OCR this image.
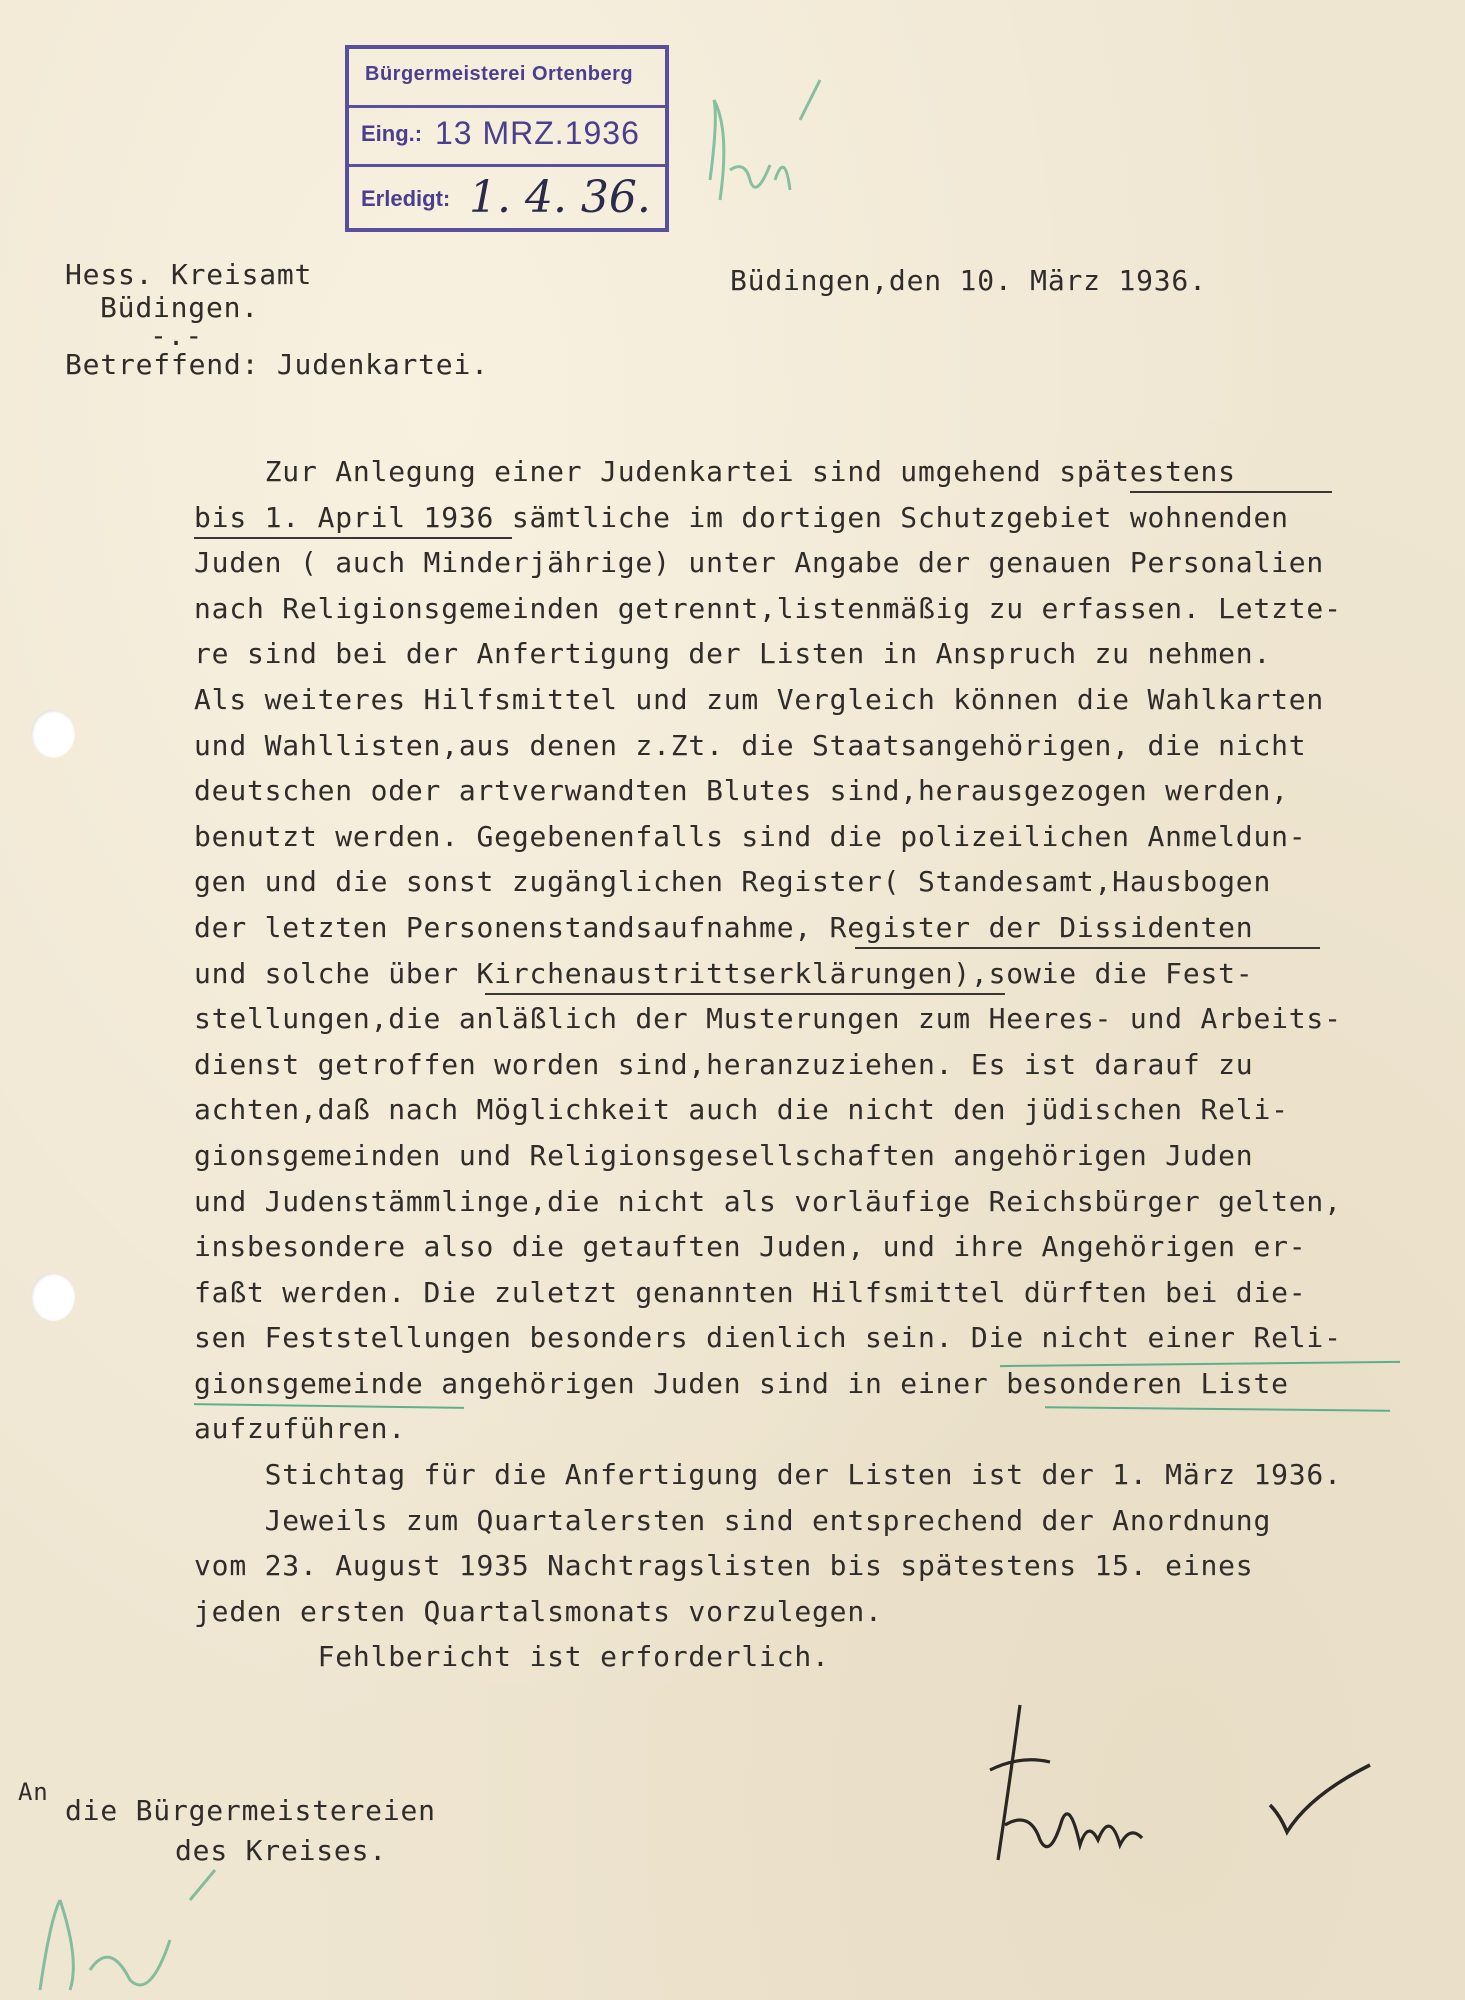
Bürgermeisterei Ortenberg
Eing.: 13 MRZ.1936
Erledigt: 1. 4. 36.
Hess. Kreisamt
Büdingen.
-.-
Büdingen,den 10. März 1936.
Betreffend: Judenkartei.
Zur Anlegung einer Judenkartei sind umgehend spätestens
bis 1. April 1936 sämtliche im dortigen Schutzgebiet wohnenden
Juden ( auch Minderjährige) unter Angabe der genauen Personalien
nach Religionsgemeinden getrennt,listenmäßig zu erfassen. Letzte-
re sind bei der Anfertigung der Listen in Anspruch zu nehmen.
Als weiteres Hilfsmittel und zum Vergleich können die Wahlkarten
und Wahllisten,aus denen z.Zt. die Staatsangehörigen, die nicht
deutschen oder artverwandten Blutes sind,herausgezogen werden,
benutzt werden. Gegebenenfalls sind die polizeilichen Anmeldun-
gen und die sonst zugänglichen Register( Standesamt,Hausbogen
der letzten Personenstandsaufnahme, Register der Dissidenten
und solche über Kirchenaustrittserklärungen),sowie die Fest-
stellungen,die anläßlich der Musterungen zum Heeres- und Arbeits-
dienst getroffen worden sind,heranzuziehen. Es ist darauf zu
achten,daß nach Möglichkeit auch die nicht den jüdischen Reli-
gionsgemeinden und Religionsgesellschaften angehörigen Juden
und Judenstämmlinge,die nicht als vorläufige Reichsbürger gelten,
insbesondere also die getauften Juden, und ihre Angehörigen er-
faßt werden. Die zuletzt genannten Hilfsmittel dürften bei die-
sen Feststellungen besonders dienlich sein. Die nicht einer Reli-
gionsgemeinde angehörigen Juden sind in einer besonderen Liste
aufzuführen.
Stichtag für die Anfertigung der Listen ist der 1. März 1936.
Jeweils zum Quartalersten sind entsprechend der Anordnung
vom 23. August 1935 Nachtragslisten bis spätestens 15. eines
jeden ersten Quartalsmonats vorzulegen.
Fehlbericht ist erforderlich.
An
die Bürgermeistereien
des Kreises.
